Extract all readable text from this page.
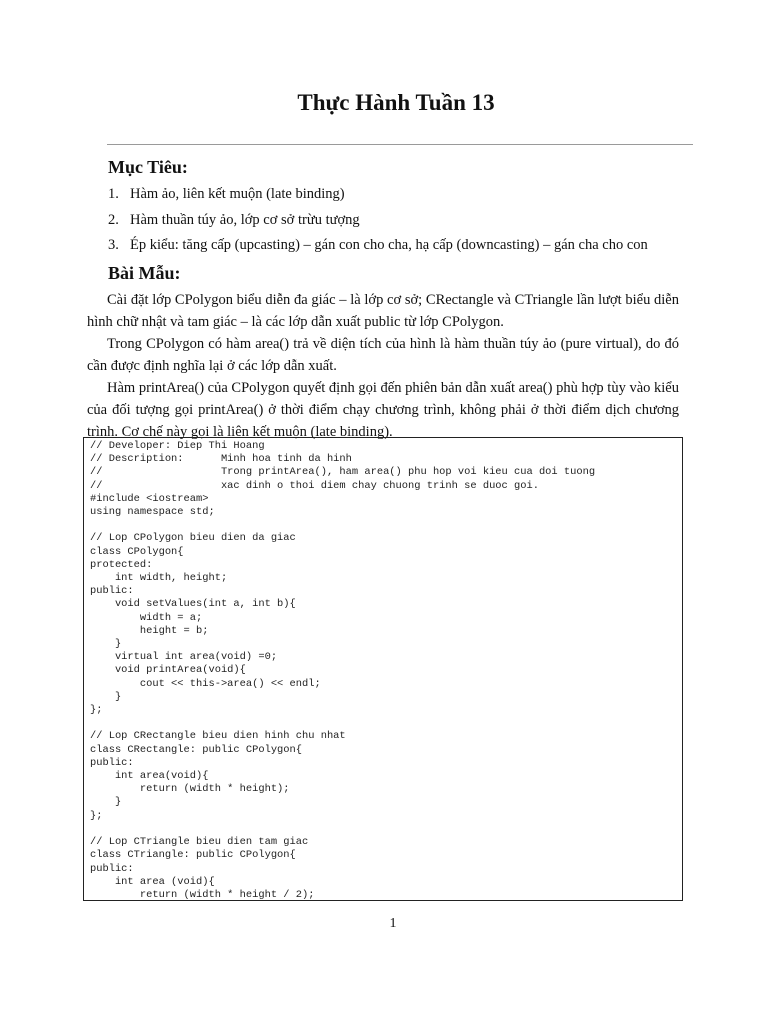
Thực Hành Tuần 13
Mục Tiêu:
1. Hàm ảo, liên kết muộn (late binding)
2. Hàm thuần túy ảo, lớp cơ sở trừu tượng
3. Ép kiểu: tăng cấp (upcasting) – gán con cho cha, hạ cấp (downcasting) – gán cha cho con
Bài Mẫu:

Cài đặt lớp CPolygon biểu diễn đa giác – là lớp cơ sở; CRectangle và CTriangle lần lượt biểu diễn hình chữ nhật và tam giác – là các lớp dẫn xuất public từ lớp CPolygon.

Trong CPolygon có hàm area() trả về diện tích của hình là hàm thuần túy ảo (pure virtual), do đó cần được định nghĩa lại ở các lớp dẫn xuất.

Hàm printArea() của CPolygon quyết định gọi đến phiên bản dẫn xuất area() phù hợp tùy vào kiểu của đối tượng gọi printArea() ở thời điểm chạy chương trình, không phải ở thời điểm dịch chương trình. Cơ chế này gọi là liên kết muộn (late binding).

// Developer: Diep Thi Hoang
// Description:      Minh hoa tinh da hinh
//                   Trong printArea(), ham area() phu hop voi kieu cua doi tuong
//                   xac dinh o thoi diem chay chuong trinh se duoc goi.
#include <iostream>
using namespace std;

// Lop CPolygon bieu dien da giac
class CPolygon{
protected:
int width, height;
public:
void setValues(int a, int b){
width = a;
height = b;
}
virtual int area(void) =0;
void printArea(void){
cout << this->area() << endl;
}
};

// Lop CRectangle bieu dien hinh chu nhat
class CRectangle: public CPolygon{
public:
int area(void){
return (width * height);
}
};

// Lop CTriangle bieu dien tam giac
class CTriangle: public CPolygon{
public:
int area (void){
return (width * height / 2);
1
